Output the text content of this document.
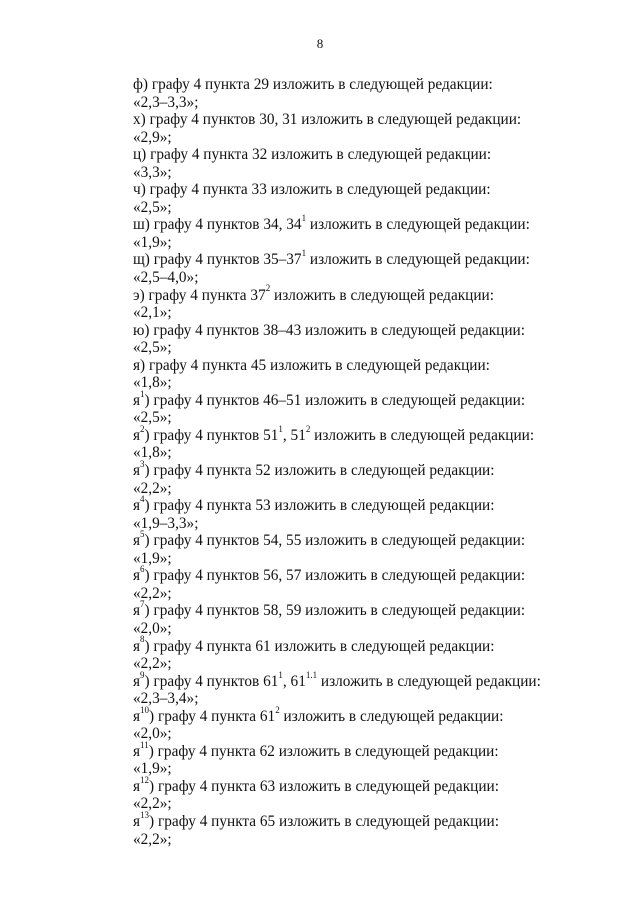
8
ф) графу 4 пункта 29 изложить в следующей редакции:
«2,3–3,3»;
х) графу 4 пунктов 30, 31 изложить в следующей редакции:
«2,9»;
ц) графу 4 пункта 32 изложить в следующей редакции:
«3,3»;
ч) графу 4 пункта 33 изложить в следующей редакции:
«2,5»;
ш) графу 4 пунктов 34, $34^1$ изложить в следующей редакции:
«1,9»;
щ) графу 4 пунктов $35-37^1$ изложить в следующей редакции:
«2,5–4,0»;
э) графу 4 пункта $37^2$ изложить в следующей редакции:
«2,1»;
ю) графу 4 пунктов 38–43 изложить в следующей редакции:
«2,5»;
я) графу 4 пункта 45 изложить в следующей редакции:
«1,8»;
$я^1$) графу 4 пунктов 46–51 изложить в следующей редакции:
«2,5»;
$я^2$) графу 4 пунктов $51^1$, $51^2$ изложить в следующей редакции:
«1,8»;
$я^3$) графу 4 пункта 52 изложить в следующей редакции:
«2,2»;
$я^4$) графу 4 пункта 53 изложить в следующей редакции:
«1,9–3,3»;
$я^5$) графу 4 пунктов 54, 55 изложить в следующей редакции:
«1,9»;
$я^6$) графу 4 пунктов 56, 57 изложить в следующей редакции:
«2,2»;
$я^7$) графу 4 пунктов 58, 59 изложить в следующей редакции:
«2,0»;
$я^8$) графу 4 пункта 61 изложить в следующей редакции:
«2,2»;
$я^9$) графу 4 пунктов $61^1$, $61^{1.1}$ изложить в следующей редакции:
«2,3–3,4»;
$я^{10}$) графу 4 пункта $61^2$ изложить в следующей редакции:
«2,0»;
$я^{11}$) графу 4 пункта 62 изложить в следующей редакции:
«1,9»;
$я^{12}$) графу 4 пункта 63 изложить в следующей редакции:
«2,2»;
$я^{13}$) графу 4 пункта 65 изложить в следующей редакции:
«2,2»;
